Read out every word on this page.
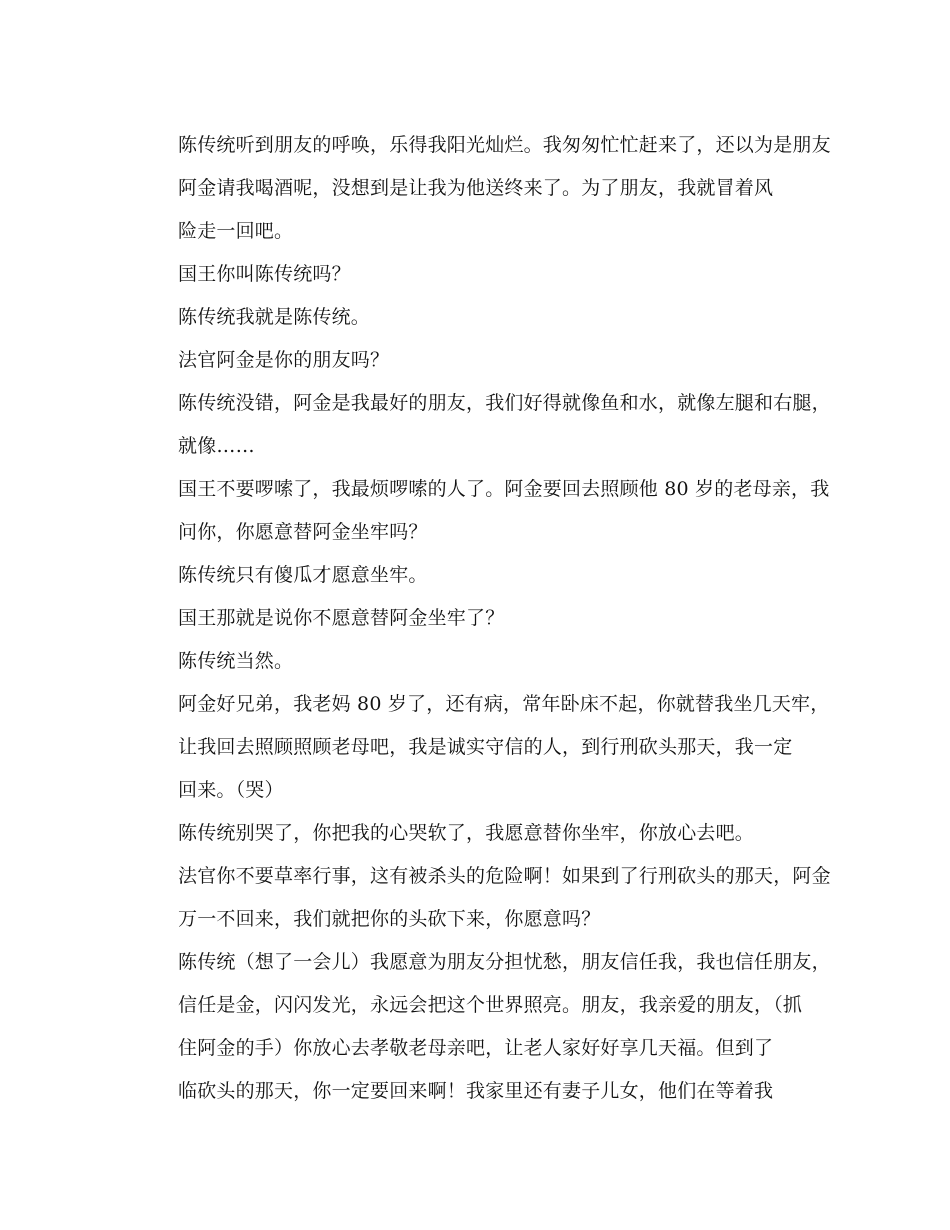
陈传统听到朋友的呼唤，乐得我阳光灿烂。我匆匆忙忙赶来了，还以为是朋友
阿金请我喝酒呢，没想到是让我为他送终来了。为了朋友，我就冒着风
险走一回吧。
国王你叫陈传统吗？
陈传统我就是陈传统。
法官阿金是你的朋友吗？
陈传统没错，阿金是我最好的朋友，我们好得就像鱼和水，就像左腿和右腿，
就像……
国王不要啰嗦了，我最烦啰嗦的人了。阿金要回去照顾他 80 岁的老母亲，我
问你，你愿意替阿金坐牢吗？
陈传统只有傻瓜才愿意坐牢。
国王那就是说你不愿意替阿金坐牢了？
陈传统当然。
阿金好兄弟，我老妈 80 岁了，还有病，常年卧床不起，你就替我坐几天牢，
让我回去照顾照顾老母吧，我是诚实守信的人，到行刑砍头那天，我一定
回来。（哭）
陈传统别哭了，你把我的心哭软了，我愿意替你坐牢，你放心去吧。
法官你不要草率行事，这有被杀头的危险啊！如果到了行刑砍头的那天，阿金
万一不回来，我们就把你的头砍下来，你愿意吗？
陈传统（想了一会儿）我愿意为朋友分担忧愁，朋友信任我，我也信任朋友，
信任是金，闪闪发光，永远会把这个世界照亮。朋友，我亲爱的朋友，（抓
住阿金的手）你放心去孝敬老母亲吧，让老人家好好享几天福。但到了
临砍头的那天，你一定要回来啊！我家里还有妻子儿女，他们在等着我
